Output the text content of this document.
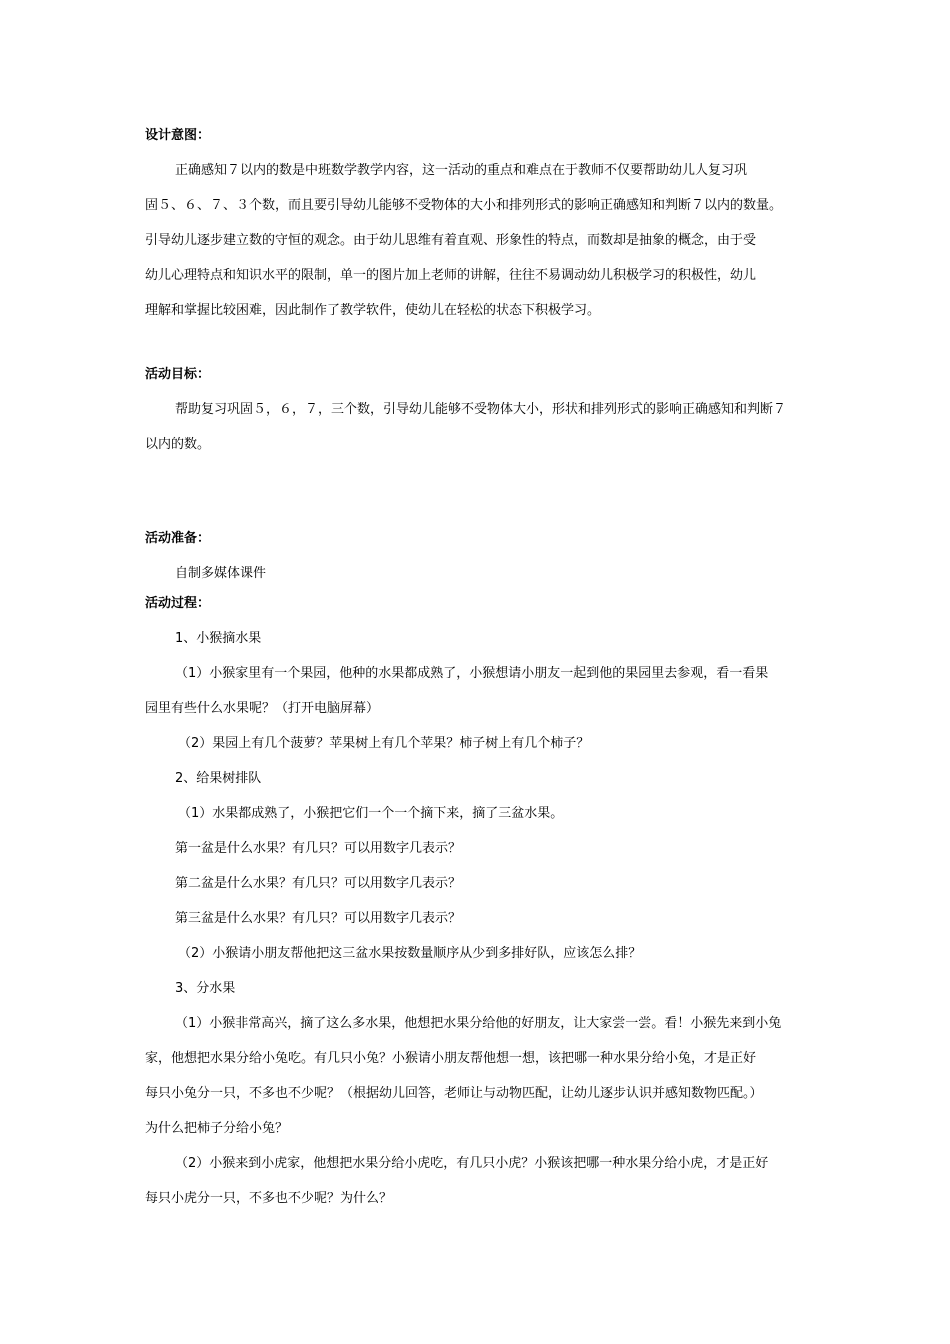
设计意图：
正确感知７以内的数是中班数学教学内容，这一活动的重点和难点在于教师不仅要帮助幼儿人复习巩
固５、６、７、３个数，而且要引导幼儿能够不受物体的大小和排列形式的影响正确感知和判断７以内的数量。
引导幼儿逐步建立数的守恒的观念。由于幼儿思维有着直观、形象性的特点，而数却是抽象的概念，由于受
幼儿心理特点和知识水平的限制，单一的图片加上老师的讲解，往往不易调动幼儿积极学习的积极性，幼儿
理解和掌握比较困难，因此制作了教学软件，使幼儿在轻松的状态下积极学习。
活动目标：
帮助复习巩固５，６，７，三个数，引导幼儿能够不受物体大小，形状和排列形式的影响正确感知和判断７
以内的数。
活动准备：
自制多媒体课件
活动过程：
1、小猴摘水果
（1）小猴家里有一个果园，他种的水果都成熟了，小猴想请小朋友一起到他的果园里去参观，看一看果
园里有些什么水果呢？（打开电脑屏幕）
（2）果园上有几个菠萝？苹果树上有几个苹果？柿子树上有几个柿子？
2、给果树排队
（1）水果都成熟了，小猴把它们一个一个摘下来，摘了三盆水果。
第一盆是什么水果？有几只？可以用数字几表示？
第二盆是什么水果？有几只？可以用数字几表示？
第三盆是什么水果？有几只？可以用数字几表示？
（2）小猴请小朋友帮他把这三盆水果按数量顺序从少到多排好队，应该怎么排？
3、分水果
（1）小猴非常高兴，摘了这么多水果，他想把水果分给他的好朋友，让大家尝一尝。看！小猴先来到小兔
家，他想把水果分给小兔吃。有几只小兔？小猴请小朋友帮他想一想，该把哪一种水果分给小兔，才是正好
每只小兔分一只，不多也不少呢？（根据幼儿回答，老师让与动物匹配，让幼儿逐步认识并感知数物匹配。）
为什么把柿子分给小兔？
（2）小猴来到小虎家，他想把水果分给小虎吃，有几只小虎？小猴该把哪一种水果分给小虎，才是正好
每只小虎分一只，不多也不少呢？为什么？
